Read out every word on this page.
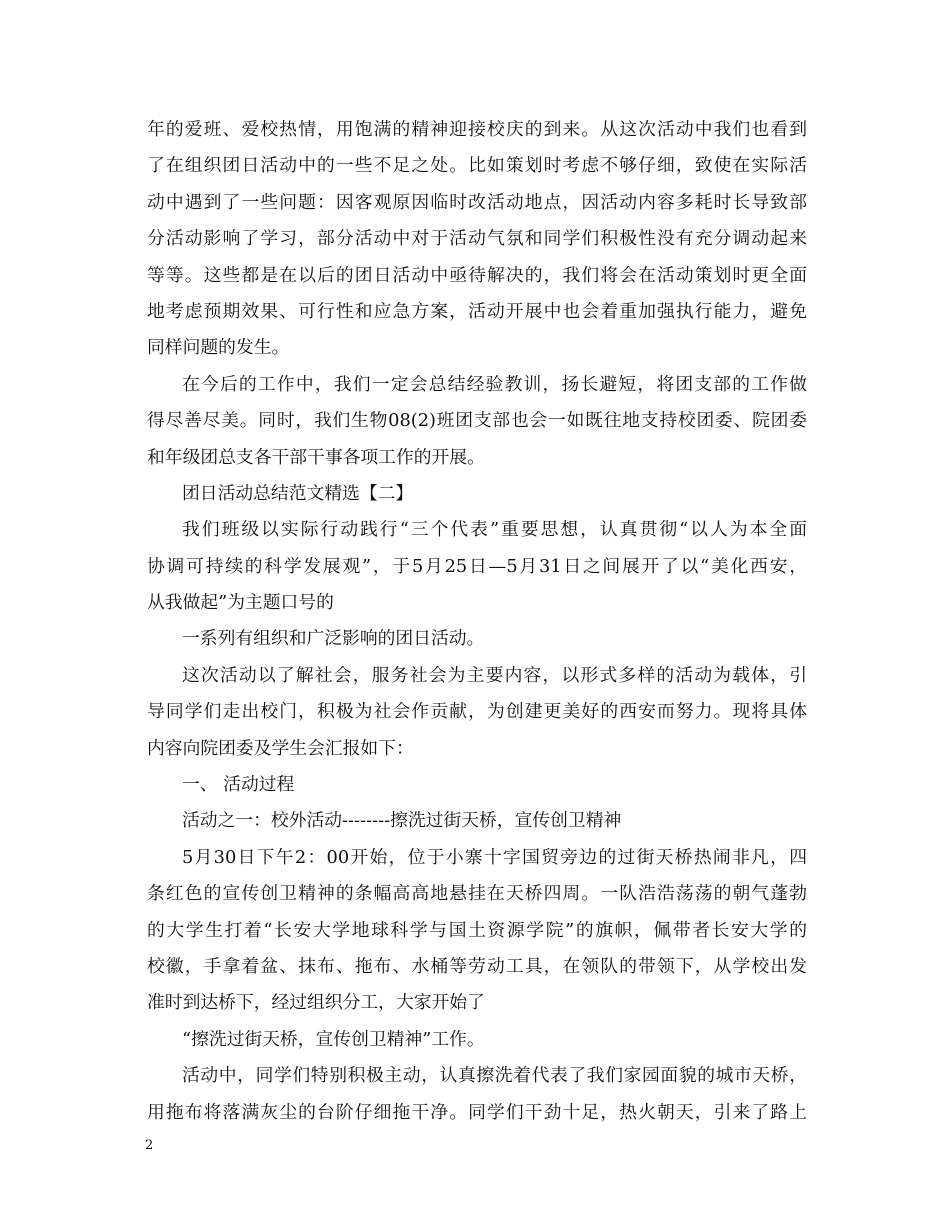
年的爱班、爱校热情，用饱满的精神迎接校庆的到来。从这次活动中我们也看到
了在组织团日活动中的一些不足之处。比如策划时考虑不够仔细，致使在实际活
动中遇到了一些问题：因客观原因临时改活动地点，因活动内容多耗时长导致部
分活动影响了学习，部分活动中对于活动气氛和同学们积极性没有充分调动起来
等等。这些都是在以后的团日活动中亟待解决的，我们将会在活动策划时更全面
地考虑预期效果、可行性和应急方案，活动开展中也会着重加强执行能力，避免
同样问题的发生。
在今后的工作中，我们一定会总结经验教训，扬长避短，将团支部的工作做
得尽善尽美。同时，我们生物08(2)班团支部也会一如既往地支持校团委、院团委
和年级团总支各干部干事各项工作的开展。
团日活动总结范文精选【二】
我们班级以实际行动践行“三个代表”重要思想，认真贯彻“以人为本全面
协调可持续的科学发展观”，于5月25日—5月31日之间展开了以“美化西安，
从我做起”为主题口号的
一系列有组织和广泛影响的团日活动。
这次活动以了解社会，服务社会为主要内容，以形式多样的活动为载体，引
导同学们走出校门，积极为社会作贡献，为创建更美好的西安而努力。现将具体
内容向院团委及学生会汇报如下：
一、 活动过程
活动之一：校外活动--------擦洗过街天桥，宣传创卫精神
5月30日下午2：00开始，位于小寨十字国贸旁边的过街天桥热闹非凡，四
条红色的宣传创卫精神的条幅高高地悬挂在天桥四周。一队浩浩荡荡的朝气蓬勃
的大学生打着“长安大学地球科学与国土资源学院”的旗帜，佩带者长安大学的
校徽，手拿着盆、抹布、拖布、水桶等劳动工具，在领队的带领下，从学校出发
准时到达桥下，经过组织分工，大家开始了
“擦洗过街天桥，宣传创卫精神”工作。
活动中，同学们特别积极主动，认真擦洗着代表了我们家园面貌的城市天桥，
用拖布将落满灰尘的台阶仔细拖干净。同学们干劲十足，热火朝天，引来了路上
2
